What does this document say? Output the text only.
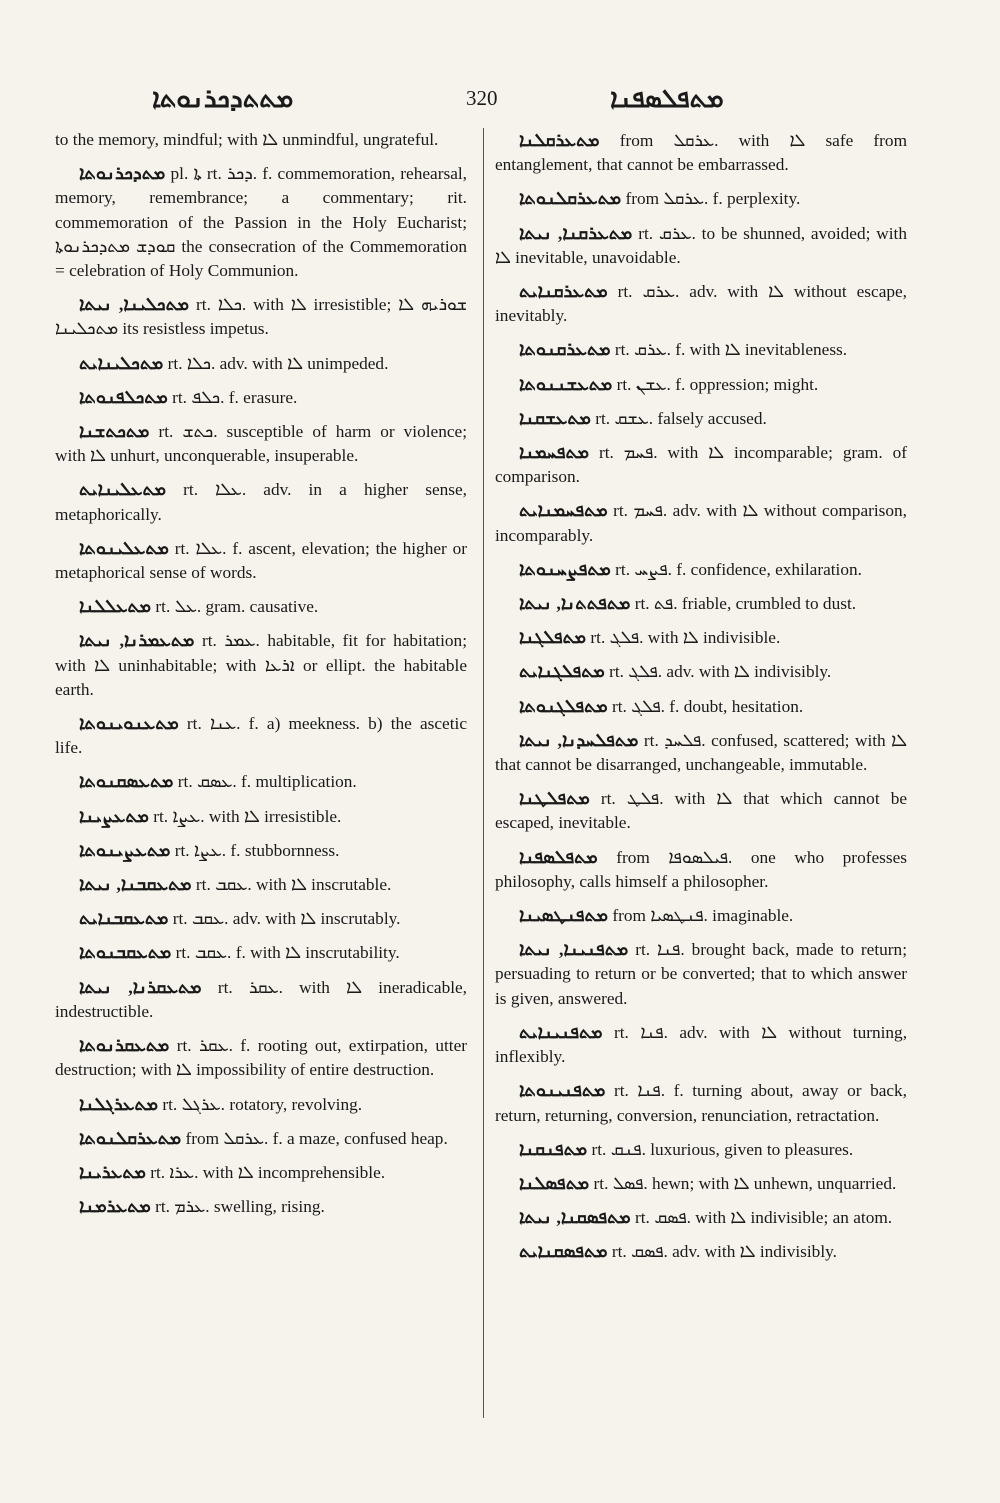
ܡܬܬܕܟܪܢܘܬܐ	320	ܡܬܦܠܣܦܢܐ

to the memory, mindful; with ܠܐ unmindful, ungrateful.

ܡܬܕܟܪܢܘܬܐ pl. ܬܐ rt. ܕܟܪ. f. commemoration, rehearsal, memory, remembrance; a commentary; rit. commemoration of the Passion in the Holy Eucharist; ܩܘܕܫ ܡܬܕܟܪܢܘܬܐ the consecration of the Commemoration = celebration of Holy Communion.

ܡܬܟܠܝܢܐ, ܢܝܬܐ rt. ܟܠܐ. with ܠܐ irresistible; ܫܘܪܝܗ ܠܐ ܡܬܟܠܝܢܐ its resistless impetus.

ܡܬܟܠܝܢܐܝܬ rt. ܟܠܐ. adv. with ܠܐ unimpeded.

ܡܬܟܠܦܢܘܬܐ rt. ܟܠܦ. f. erasure.

ܡܬܟܬܫܢܐ rt. ܟܬܫ. susceptible of harm or violence; with ܠܐ unhurt, unconquerable, insuperable.

ܡܬܥܠܝܢܐܝܬ rt. ܥܠܐ. adv. in a higher sense, metaphorically.

ܡܬܥܠܝܢܘܬܐ rt. ܥܠܐ. f. ascent, elevation; the higher or metaphorical sense of words.

ܡܬܥܠܠܢܐ rt. ܥܠ. gram. causative.

ܡܬܥܡܪܢܐ, ܢܝܬܐ rt. ܥܡܪ. habitable, fit for habitation; with ܠܐ uninhabitable; with ܐܪܥܐ or ellipt. the habitable earth.

ܡܬܥܢܘܝܢܘܬܐ rt. ܥܢܐ. f. a) meekness. b) the ascetic life.

ܡܬܥܣܩܢܘܬܐ rt. ܥܣܩ. f. multiplication.

ܡܬܥܨܝܢܐ rt. ܥܨܐ. with ܠܐ irresistible.

ܡܬܥܨܝܢܘܬܐ rt. ܥܨܐ. f. stubbornness.

ܡܬܥܩܒܢܐ, ܢܝܬܐ rt. ܥܩܒ. with ܠܐ inscrutable.

ܡܬܥܩܒܢܐܝܬ rt. ܥܩܒ. adv. with ܠܐ inscrutably.

ܡܬܥܩܒܢܘܬܐ rt. ܥܩܒ. f. with ܠܐ inscrutability.

ܡܬܥܩܪܢܐ, ܢܝܬܐ rt. ܥܩܪ. with ܠܐ ineradicable, indestructible.

ܡܬܥܩܪܢܘܬܐ rt. ܥܩܪ. f. rooting out, extirpation, utter destruction; with ܠܐ impossibility of entire destruction.

ܡܬܥܪܓܠܢܐ rt. ܥܪܓܠ. rotatory, revolving.

ܡܬܥܪܩܠܢܘܬܐ from ܥܪܩܠ. f. a maze, confused heap.

ܡܬܥܪܝܢܐ rt. ܥܪܐ. with ܠܐ incomprehensible.

ܡܬܥܪܡܢܐ rt. ܥܪܡ. swelling, rising.

ܡܬܥܪܩܠܢܐ from ܥܪܩܠ. with ܠܐ safe from entanglement, that cannot be embarrassed.

ܡܬܥܪܩܠܢܘܬܐ from ܥܪܩܠ. f. perplexity.

ܡܬܥܪܩܢܐ, ܢܝܬܐ rt. ܥܪܩ. to be shunned, avoided; with ܠܐ inevitable, unavoidable.

ܡܬܥܪܩܢܐܝܬ rt. ܥܪܩ. adv. with ܠܐ without escape, inevitably.

ܡܬܥܪܩܢܘܬܐ rt. ܥܪܩ. f. with ܠܐ inevitableness.

ܡܬܥܫܢܢܘܬܐ rt. ܥܫܢ. f. oppression; might.

ܡܬܥܫܩܢܐ rt. ܥܫܩ. falsely accused.

ܡܬܦܚܡܢܐ rt. ܦܚܡ. with ܠܐ incomparable; gram. of comparison.

ܡܬܦܚܡܢܐܝܬ rt. ܦܚܡ. adv. with ܠܐ without comparison, incomparably.

ܡܬܦܨܚܢܘܬܐ rt. ܦܨܚ. f. confidence, exhilaration.

ܡܬܦܬܬܢܐ, ܢܝܬܐ rt. ܦܬ. friable, crumbled to dust.

ܡܬܦܠܓܢܐ rt. ܦܠܓ. with ܠܐ indivisible.

ܡܬܦܠܓܢܐܝܬ rt. ܦܠܓ. adv. with ܠܐ indivisibly.

ܡܬܦܠܓܢܘܬܐ rt. ܦܠܓ. f. doubt, hesitation.

ܡܬܦܠܚܕܢܐ, ܢܝܬܐ rt. ܦܠܚܕ. confused, scattered; with ܠܐ that cannot be disarranged, unchangeable, immutable.

ܡܬܦܠܛܢܐ rt. ܦܠܛ. with ܠܐ that which cannot be escaped, inevitable.

ܡܬܦܠܣܦܢܐ from ܦܝܠܣܘܦܐ. one who professes philosophy, calls himself a philosopher.

ܡܬܦܢܛܣܝܢܐ from ܦܢܛܣܝܐ. imaginable.

ܡܬܦܢܝܢܐ, ܢܝܬܐ rt. ܦܢܐ. brought back, made to return; persuading to return or be converted; that to which answer is given, answered.

ܡܬܦܢܝܢܐܝܬ rt. ܦܢܐ. adv. with ܠܐ without turning, inflexibly.

ܡܬܦܢܝܢܘܬܐ rt. ܦܢܐ. f. turning about, away or back, return, returning, conversion, renunciation, retractation.

ܡܬܦܢܩܢܐ rt. ܦܢܩ. luxurious, given to pleasures.

ܡܬܦܣܠܢܐ rt. ܦܣܠ. hewn; with ܠܐ unhewn, unquarried.

ܡܬܦܣܩܢܐ, ܢܝܬܐ rt. ܦܣܩ. with ܠܐ indivisible; an atom.

ܡܬܦܣܩܢܐܝܬ rt. ܦܣܩ. adv. with ܠܐ indivisibly.
